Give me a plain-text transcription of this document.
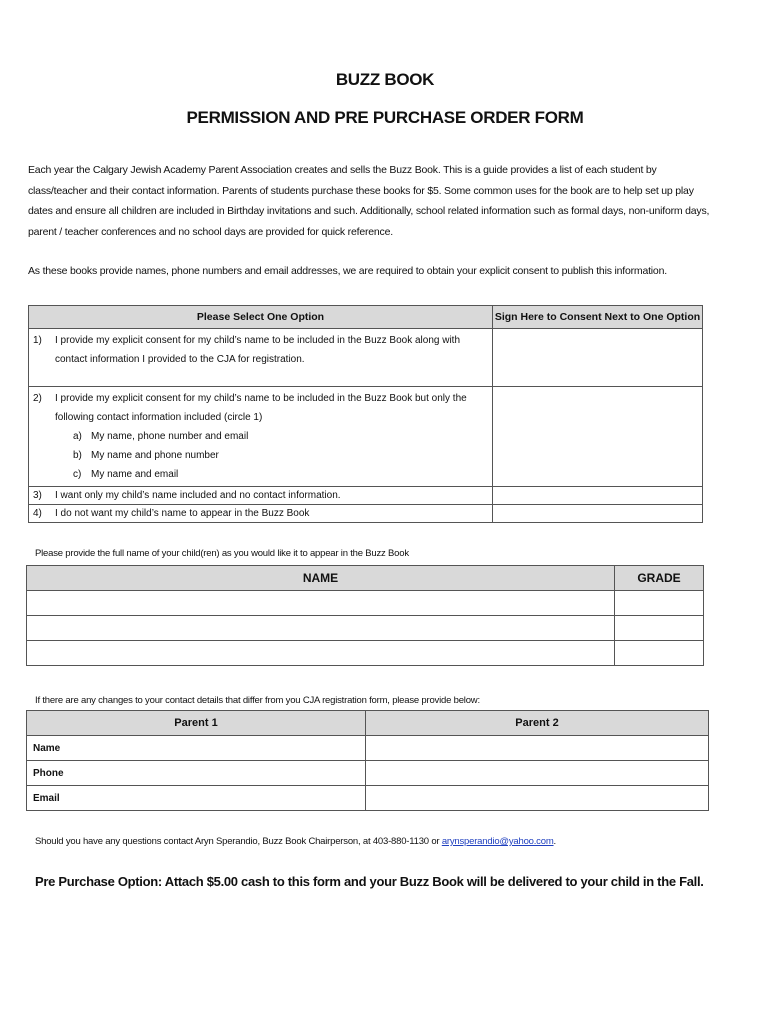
BUZZ BOOK
PERMISSION AND PRE PURCHASE ORDER FORM
Each year the Calgary Jewish Academy Parent Association creates and sells the Buzz Book. This is a guide provides a list of each student by class/teacher and their contact information. Parents of students purchase these books for $5. Some common uses for the book are to help set up play dates and ensure all children are included in Birthday invitations and such. Additionally, school related information such as formal days, non-uniform days, parent / teacher conferences and no school days are provided for quick reference.
As these books provide names, phone numbers and email addresses, we are required to obtain your explicit consent to publish this information.
Please Select One Option	Sign Here to Consent Next to One Option

1) I provide my explicit consent for my child’s name to be included in the Buzz Book along with contact information I provided to the CJA for registration.	

2) I provide my explicit consent for my child’s name to be included in the Buzz Book but only the following contact information included (circle 1)
a) My name, phone number and email
b) My name and phone number
c) My name and email	

3) I want only my child’s name included and no contact information.	

4) I do not want my child’s name to appear in the Buzz Book	

Please provide the full name of your child(ren) as you would like it to appear in the Buzz Book
NAME	GRADE

If there are any changes to your contact details that differ from you CJA registration form, please provide below:
Parent 1	Parent 2
Name	
Phone	
Email	
Should you have any questions contact Aryn Sperandio, Buzz Book Chairperson, at 403-880-1130 or arynsperandio@yahoo.com.
Pre Purchase Option: Attach $5.00 cash to this form and your Buzz Book will be delivered to your child in the Fall.
